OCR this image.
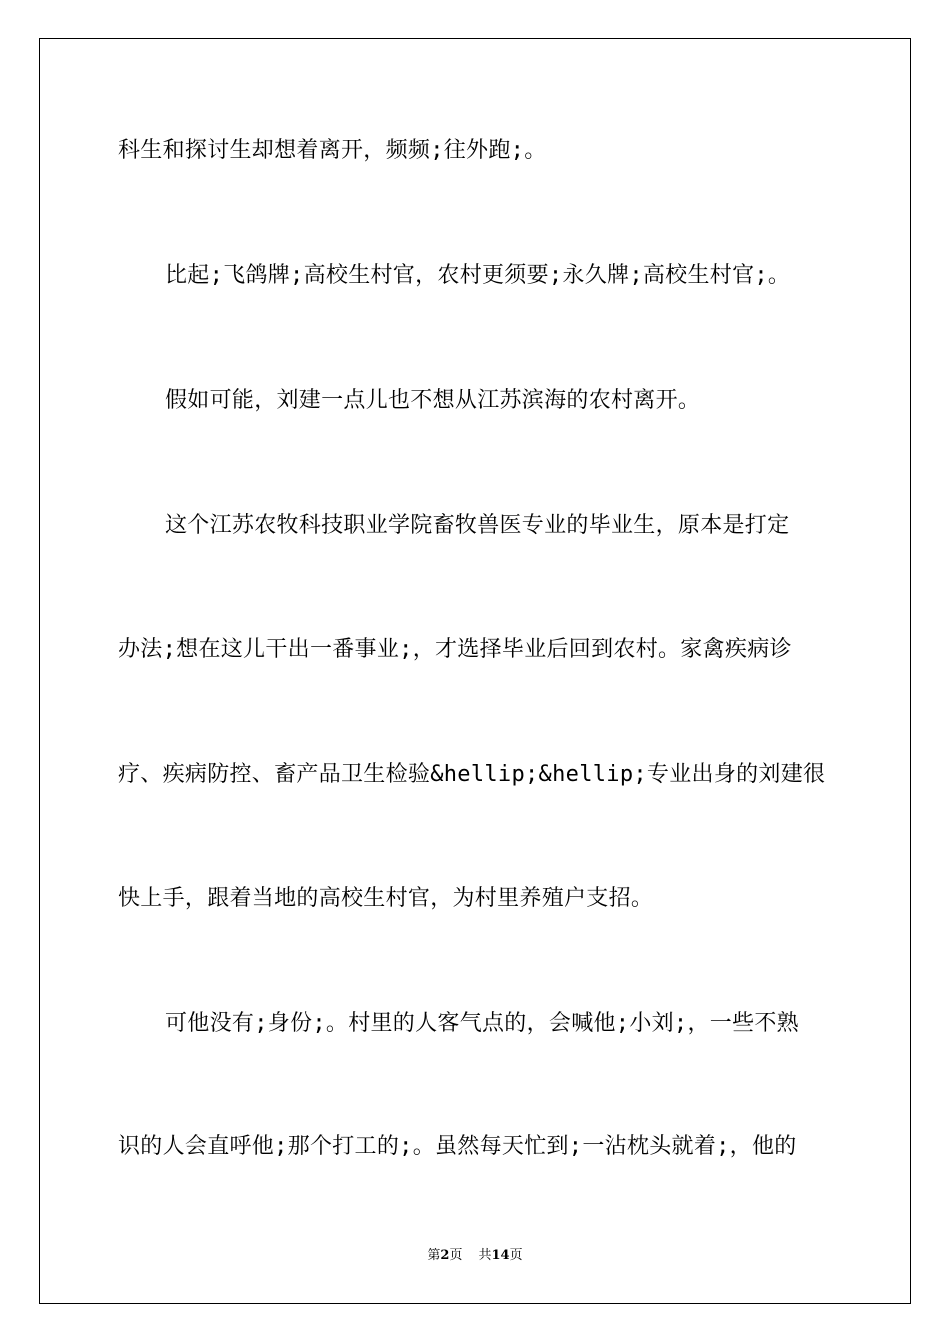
科生和探讨生却想着离开，频频;往外跑;。
比起;飞鸽牌;高校生村官，农村更须要;永久牌;高校生村官;。
假如可能，刘建一点儿也不想从江苏滨海的农村离开。
这个江苏农牧科技职业学院畜牧兽医专业的毕业生，原本是打定
办法;想在这儿干出一番事业;，才选择毕业后回到农村。家禽疾病诊
疗、疾病防控、畜产品卫生检验&hellip;&hellip;专业出身的刘建很
快上手，跟着当地的高校生村官，为村里养殖户支招。
可他没有;身份;。村里的人客气点的，会喊他;小刘;，一些不熟
识的人会直呼他;那个打工的;。虽然每天忙到;一沾枕头就着;，他的
第2页 共14页
